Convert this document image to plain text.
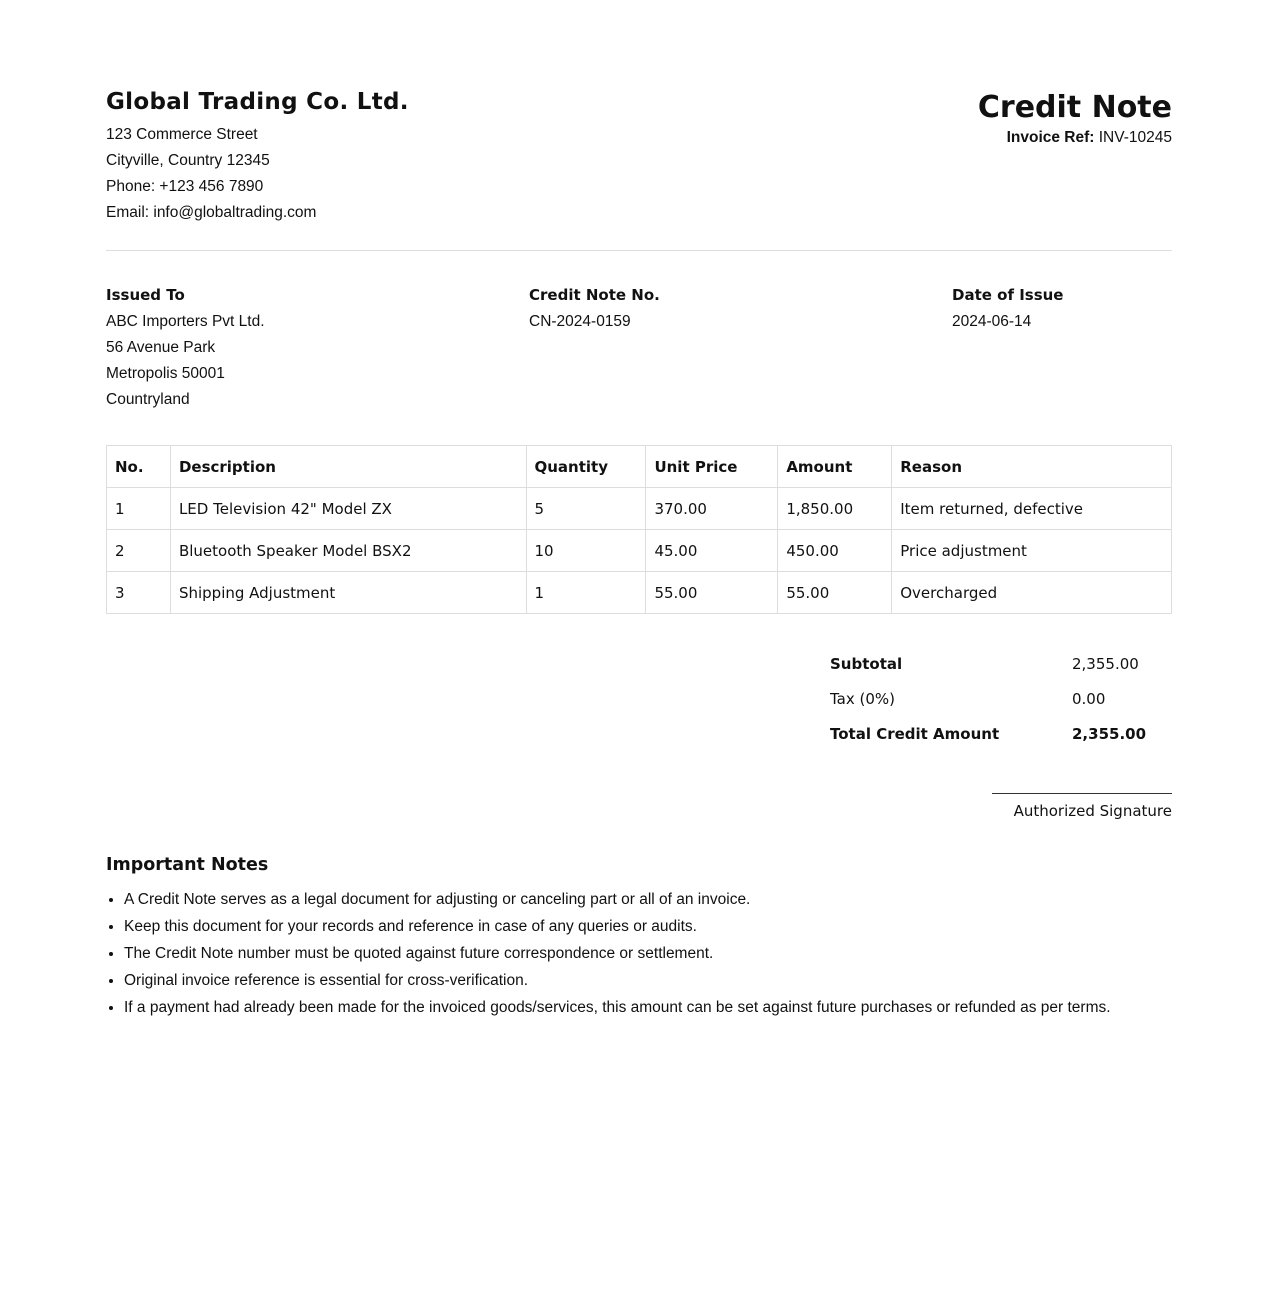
Global Trading Co. Ltd.
123 Commerce Street
Cityville, Country 12345
Phone: +123 456 7890
Email: info@globaltrading.com
Credit Note
Invoice Ref: INV-10245
Issued To
ABC Importers Pvt Ltd.
56 Avenue Park
Metropolis 50001
Countryland
Credit Note No.
CN-2024-0159
Date of Issue
2024-06-14
No.	Description	Quantity	Unit Price	Amount	Reason
1	LED Television 42" Model ZX	5	370.00	1,850.00	Item returned, defective
2	Bluetooth Speaker Model BSX2	10	45.00	450.00	Price adjustment
3	Shipping Adjustment	1	55.00	55.00	Overcharged
Subtotal	2,355.00
Tax (0%)	0.00
Total Credit Amount	2,355.00
Authorized Signature
Important Notes
• A Credit Note serves as a legal document for adjusting or canceling part or all of an invoice.
• Keep this document for your records and reference in case of any queries or audits.
• The Credit Note number must be quoted against future correspondence or settlement.
• Original invoice reference is essential for cross-verification.
• If a payment had already been made for the invoiced goods/services, this amount can be set against future purchases or refunded as per terms.
